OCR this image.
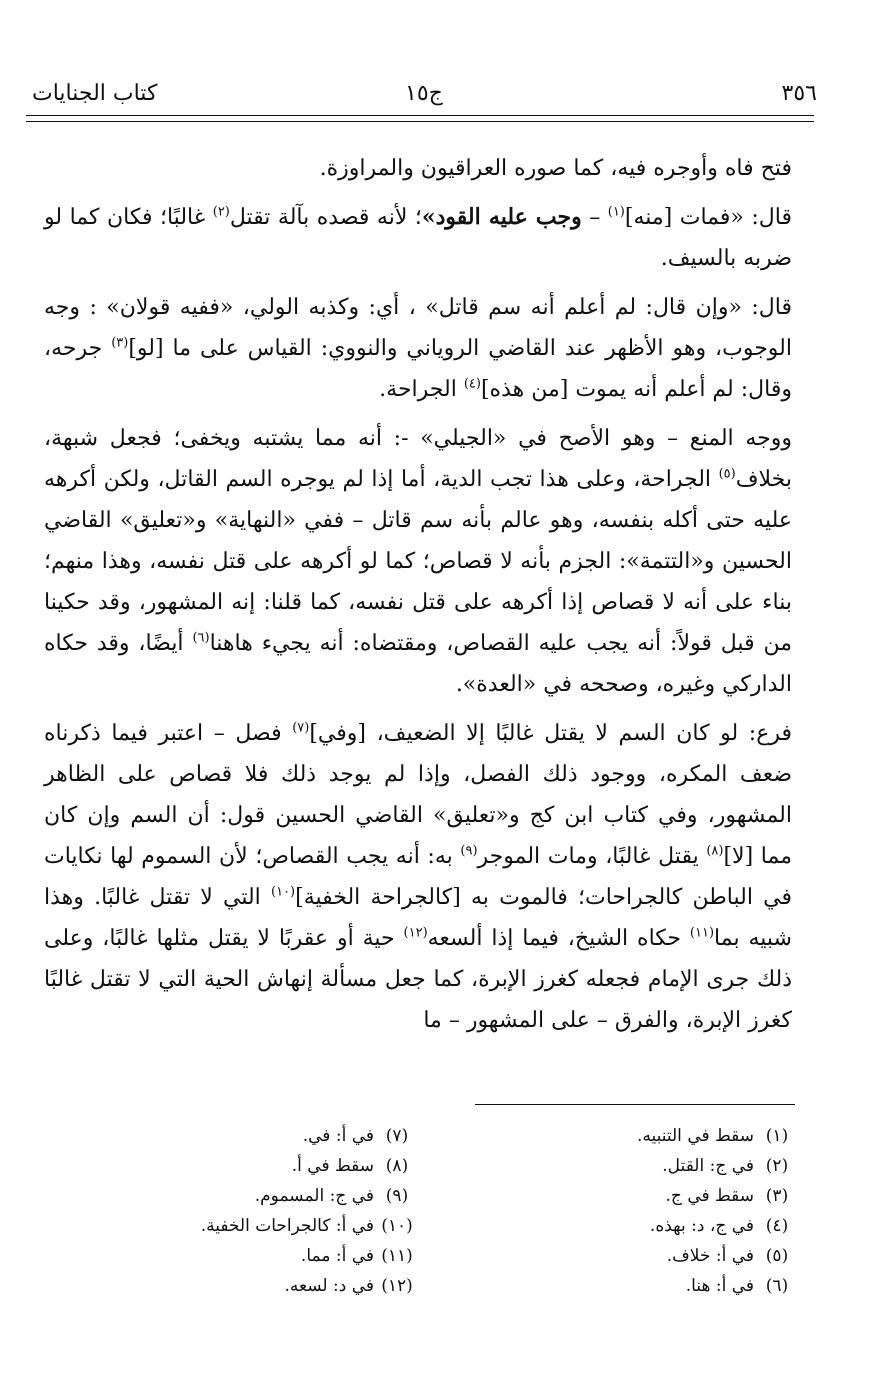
كتاب الجنايات	ج١٥	٣٥٦

فتح فاه وأوجره فيه، كما صوره العراقيون والمراوزة.

قال: «فمات [منه]$^{(١)}$ – وجب عليه القود»؛ لأنه قصده بآلة تقتل$^{(٢)}$ غالبًا؛ فكان كما لو ضربه بالسيف.

قال: «وإن قال: لم أعلم أنه سم قاتل» ، أي: وكذبه الولي، «ففيه قولان» : وجه الوجوب، وهو الأظهر عند القاضي الروياني والنووي: القياس على ما [لو]$^{(٣)}$ جرحه، وقال: لم أعلم أنه يموت [من هذه]$^{(٤)}$ الجراحة.

ووجه المنع – وهو الأصح في «الجيلي» -: أنه مما يشتبه ويخفى؛ فجعل شبهة، بخلاف$^{(٥)}$ الجراحة، وعلى هذا تجب الدية، أما إذا لم يوجره السم القاتل، ولكن أكرهه عليه حتى أكله بنفسه، وهو عالم بأنه سم قاتل – ففي «النهاية» و«تعليق» القاضي الحسين و«التتمة»: الجزم بأنه لا قصاص؛ كما لو أكرهه على قتل نفسه، وهذا منهم؛ بناء على أنه لا قصاص إذا أكرهه على قتل نفسه، كما قلنا: إنه المشهور، وقد حكينا من قبل قولاً: أنه يجب عليه القصاص، ومقتضاه: أنه يجيء هاهنا$^{(٦)}$ أيضًا، وقد حكاه الداركي وغيره، وصححه في «العدة».

فرع: لو كان السم لا يقتل غالبًا إلا الضعيف، [وفي]$^{(٧)}$ فصل – اعتبر فيما ذكرناه ضعف المكره، ووجود ذلك الفصل، وإذا لم يوجد ذلك فلا قصاص على الظاهر المشهور، وفي كتاب ابن كج و«تعليق» القاضي الحسين قول: أن السم وإن كان مما [لا]$^{(٨)}$ يقتل غالبًا، ومات الموجر$^{(٩)}$ به: أنه يجب القصاص؛ لأن السموم لها نكايات في الباطن كالجراحات؛ فالموت به [كالجراحة الخفية]$^{(١٠)}$ التي لا تقتل غالبًا. وهذا شبيه بما$^{(١١)}$ حكاه الشيخ، فيما إذا ألسعه$^{(١٢)}$ حية أو عقربًا لا يقتل مثلها غالبًا، وعلى ذلك جرى الإمام فجعله كغرز الإبرة، كما جعل مسألة إنهاش الحية التي لا تقتل غالبًا كغرز الإبرة، والفرق – على المشهور – ما

(١)سقط في التنبيه.
(٢)في ج: القتل.
(٣)سقط في ج.
(٤)في ج، د: بهذه.
(٥)في أ: خلاف.
(٦)في أ: هنا.
(٧)في أ: في.
(٨)سقط في أ.
(٩)في ج: المسموم.
(١٠)في أ: كالجراحات الخفية.
(١١)في أ: مما.
(١٢)في د: لسعه.
